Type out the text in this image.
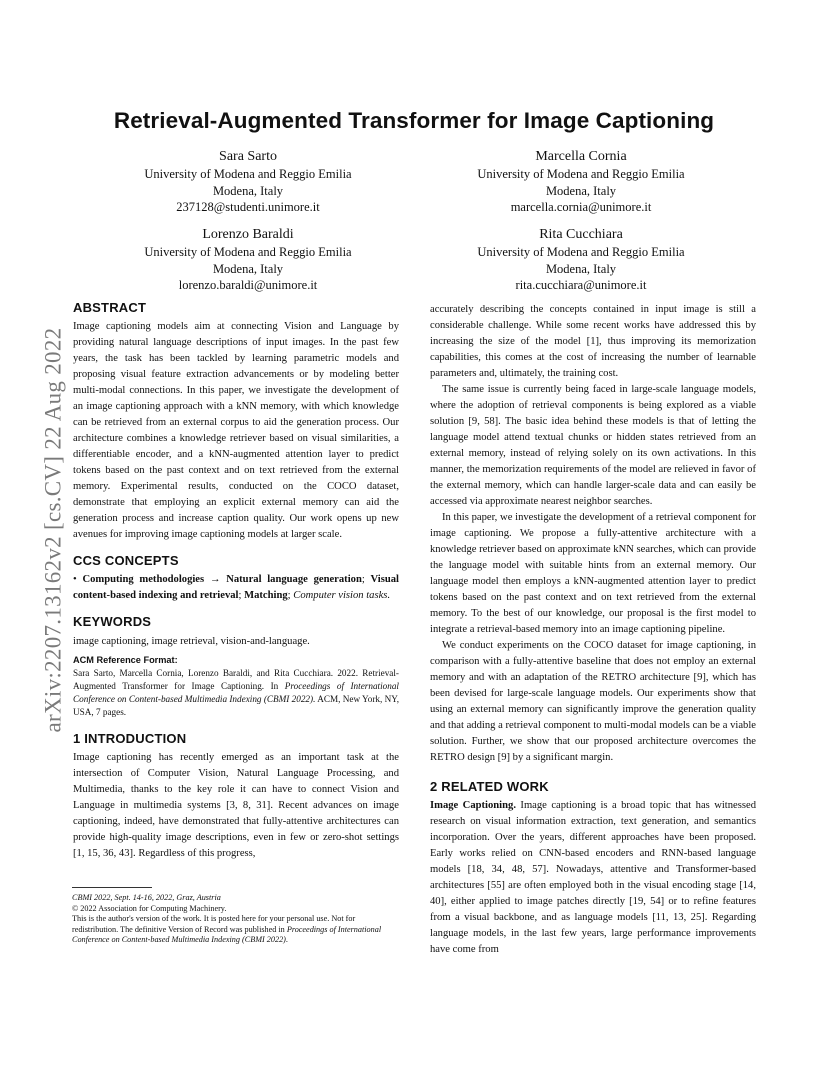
arXiv:2207.13162v2 [cs.CV] 22 Aug 2022
Retrieval-Augmented Transformer for Image Captioning
Sara Sarto
University of Modena and Reggio Emilia
Modena, Italy
237128@studenti.unimore.it
Marcella Cornia
University of Modena and Reggio Emilia
Modena, Italy
marcella.cornia@unimore.it
Lorenzo Baraldi
University of Modena and Reggio Emilia
Modena, Italy
lorenzo.baraldi@unimore.it
Rita Cucchiara
University of Modena and Reggio Emilia
Modena, Italy
rita.cucchiara@unimore.it
ABSTRACT

Image captioning models aim at connecting Vision and Language by providing natural language descriptions of input images. In the past few years, the task has been tackled by learning parametric models and proposing visual feature extraction advancements or by modeling better multi-modal connections. In this paper, we investigate the development of an image captioning approach with a kNN memory, with which knowledge can be retrieved from an external corpus to aid the generation process. Our architecture combines a knowledge retriever based on visual similarities, a differentiable encoder, and a kNN-augmented attention layer to predict tokens based on the past context and on text retrieved from the external memory. Experimental results, conducted on the COCO dataset, demonstrate that employing an explicit external memory can aid the generation process and increase caption quality. Our work opens up new avenues for improving image captioning models at larger scale.

CCS CONCEPTS

• Computing methodologies → Natural language generation; Visual content-based indexing and retrieval; Matching; Computer vision tasks.

KEYWORDS

image captioning, image retrieval, vision-and-language.

ACM Reference Format:

Sara Sarto, Marcella Cornia, Lorenzo Baraldi, and Rita Cucchiara. 2022. Retrieval-Augmented Transformer for Image Captioning. In Proceedings of International Conference on Content-based Multimedia Indexing (CBMI 2022). ACM, New York, NY, USA, 7 pages.

1 INTRODUCTION

Image captioning has recently emerged as an important task at the intersection of Computer Vision, Natural Language Processing, and Multimedia, thanks to the key role it can have to connect Vision and Language in multimedia systems [3, 8, 31]. Recent advances on image captioning, indeed, have demonstrated that fully-attentive architectures can provide high-quality image descriptions, even in few or zero-shot settings [1, 15, 36, 43]. Regardless of this progress,

CBMI 2022, Sept. 14-16, 2022, Graz, Austria

© 2022 Association for Computing Machinery.

This is the author's version of the work. It is posted here for your personal use. Not for redistribution. The definitive Version of Record was published in Proceedings of International Conference on Content-based Multimedia Indexing (CBMI 2022).

accurately describing the concepts contained in input image is still a considerable challenge. While some recent works have addressed this by increasing the size of the model [1], thus improving its memorization capabilities, this comes at the cost of increasing the number of learnable parameters and, ultimately, the training cost.

The same issue is currently being faced in large-scale language models, where the adoption of retrieval components is being explored as a viable solution [9, 58]. The basic idea behind these models is that of letting the language model attend textual chunks or hidden states retrieved from an external memory, instead of relying solely on its own activations. In this manner, the memorization requirements of the model are relieved in favor of the external memory, which can handle larger-scale data and can easily be accessed via approximate nearest neighbor searches.

In this paper, we investigate the development of a retrieval component for image captioning. We propose a fully-attentive architecture with a knowledge retriever based on approximate kNN searches, which can provide the language model with suitable hints from an external memory. Our language model then employs a kNN-augmented attention layer to predict tokens based on the past context and on text retrieved from the external memory. To the best of our knowledge, our proposal is the first model to integrate a retrieval-based memory into an image captioning pipeline.

We conduct experiments on the COCO dataset for image captioning, in comparison with a fully-attentive baseline that does not employ an external memory and with an adaptation of the RETRO architecture [9], which has been devised for large-scale language models. Our experiments show that using an external memory can significantly improve the generation quality and that adding a retrieval component to multi-modal models can be a viable solution. Further, we show that our proposed architecture overcomes the RETRO design [9] by a significant margin.

2 RELATED WORK

Image Captioning. Image captioning is a broad topic that has witnessed research on visual information extraction, text generation, and semantics incorporation. Over the years, different approaches have been proposed. Early works relied on CNN-based encoders and RNN-based language models [18, 34, 48, 57]. Nowadays, attentive and Transformer-based architectures [55] are often employed both in the visual encoding stage [14, 40], either applied to image patches directly [19, 54] or to refine features from a visual backbone, and as language models [11, 13, 25]. Regarding language models, in the last few years, large performance improvements have come from
